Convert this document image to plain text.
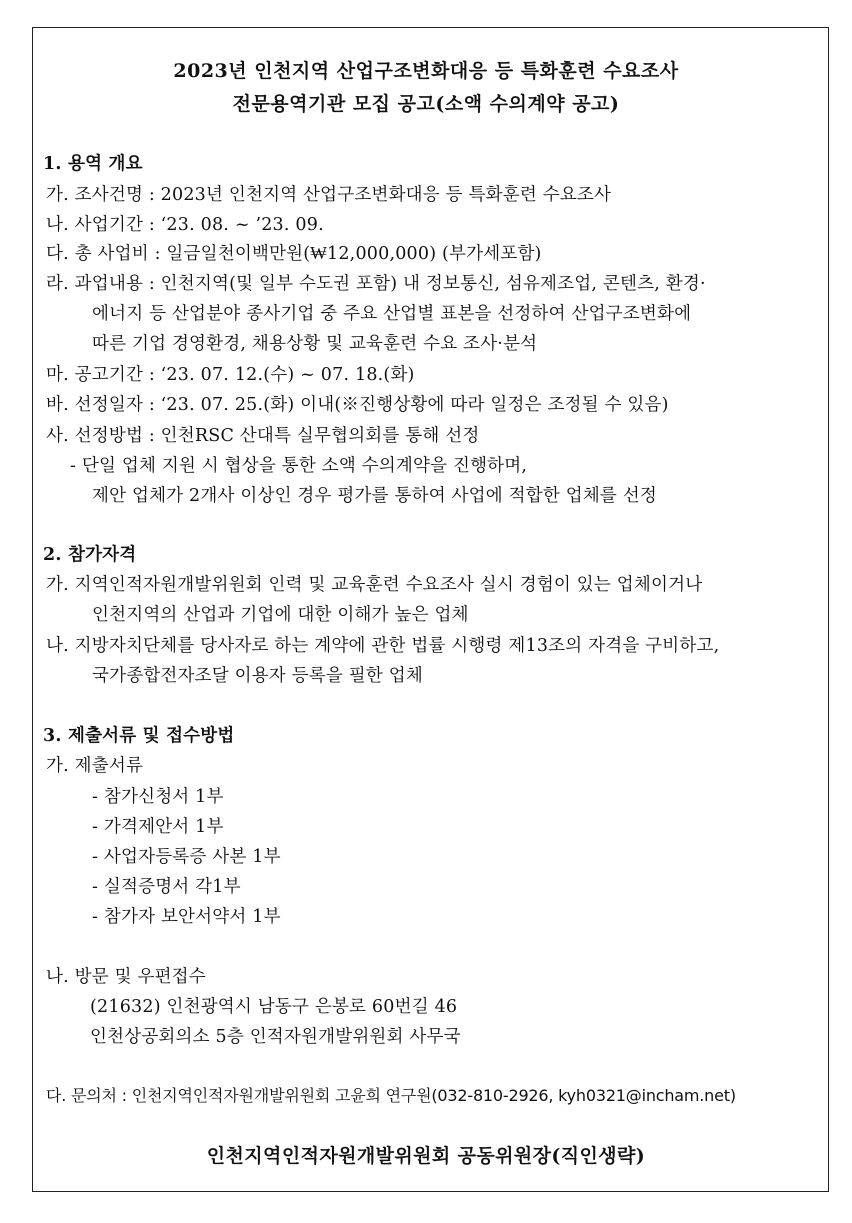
2023년 인천지역 산업구조변화대응 등 특화훈련 수요조사
전문용역기관 모집 공고(소액 수의계약 공고)
1. 용역 개요
가. 조사건명 : 2023년 인천지역 산업구조변화대응 등 특화훈련 수요조사
나. 사업기간 : ‘23. 08. ~ ’23. 09.
다. 총 사업비 : 일금일천이백만원(₩12,000,000) (부가세포함)
라. 과업내용 : 인천지역(및 일부 수도권 포함) 내 정보통신, 섬유제조업, 콘텐츠, 환경·
에너지 등 산업분야 종사기업 중 주요 산업별 표본을 선정하여 산업구조변화에
따른 기업 경영환경, 채용상황 및 교육훈련 수요 조사·분석
마. 공고기간 : ‘23. 07. 12.(수) ~ 07. 18.(화)
바. 선정일자 : ‘23. 07. 25.(화) 이내(※진행상황에 따라 일정은 조정될 수 있음)
사. 선정방법 : 인천RSC 산대특 실무협의회를 통해 선정
- 단일 업체 지원 시 협상을 통한 소액 수의계약을 진행하며,
제안 업체가 2개사 이상인 경우 평가를 통하여 사업에 적합한 업체를 선정
2. 참가자격
가. 지역인적자원개발위원회 인력 및 교육훈련 수요조사 실시 경험이 있는 업체이거나
인천지역의 산업과 기업에 대한 이해가 높은 업체
나. 지방자치단체를 당사자로 하는 계약에 관한 법률 시행령 제13조의 자격을 구비하고,
국가종합전자조달 이용자 등록을 필한 업체
3. 제출서류 및 접수방법
가. 제출서류
- 참가신청서 1부
- 가격제안서 1부
- 사업자등록증 사본 1부
- 실적증명서 각1부
- 참가자 보안서약서 1부
나. 방문 및 우편접수
(21632) 인천광역시 남동구 은봉로 60번길 46
인천상공회의소 5층 인적자원개발위원회 사무국
다. 문의처 : 인천지역인적자원개발위원회 고윤희 연구원(032-810-2926, kyh0321@incham.net)
인천지역인적자원개발위원회 공동위원장(직인생략)
